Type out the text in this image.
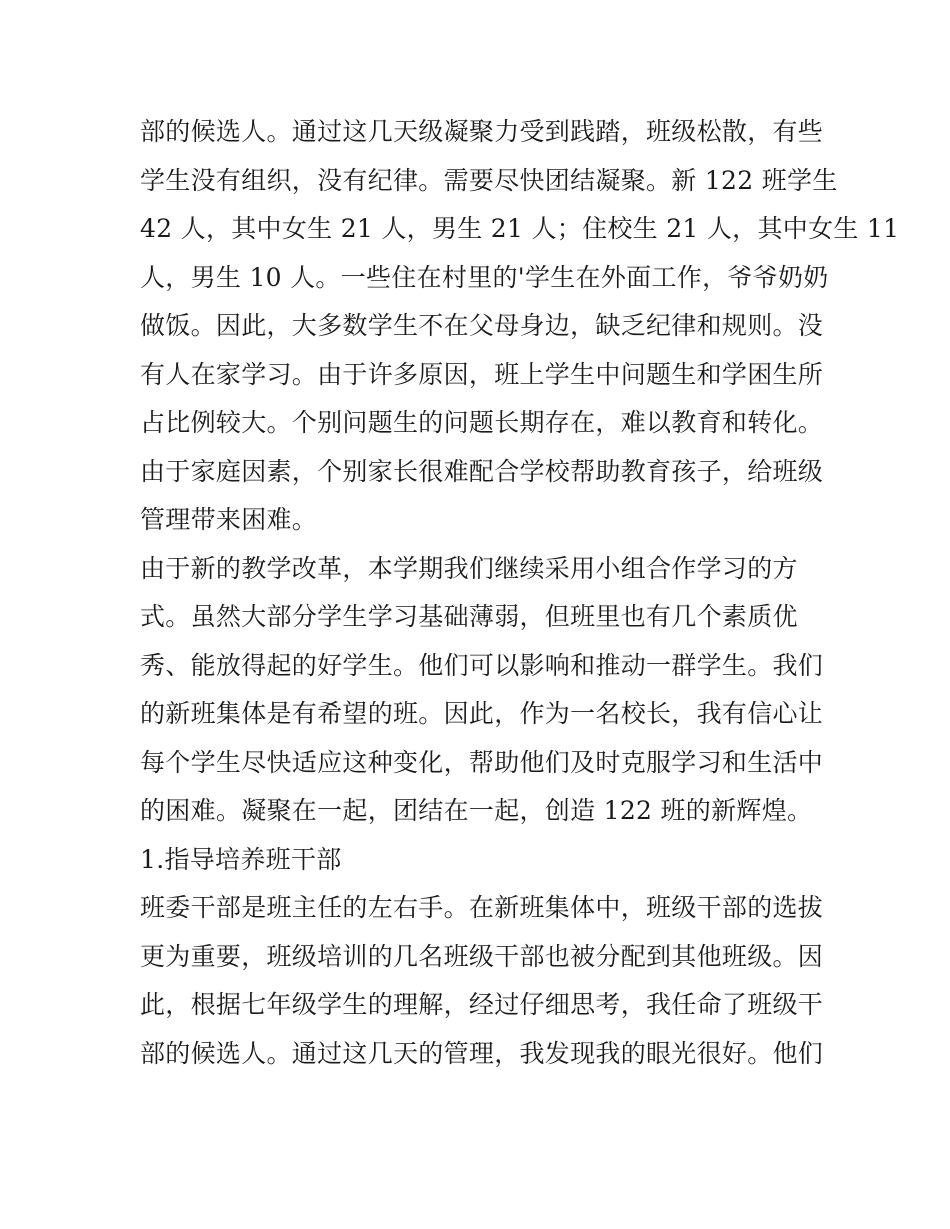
部的候选人。通过这几天级凝聚力受到践踏，班级松散，有些
学生没有组织，没有纪律。需要尽快团结凝聚。新 122 班学生
42 人，其中女生 21 人，男生 21 人；住校生 21 人，其中女生 11
人，男生 10 人。一些住在村里的'学生在外面工作，爷爷奶奶
做饭。因此，大多数学生不在父母身边，缺乏纪律和规则。没
有人在家学习。由于许多原因，班上学生中问题生和学困生所
占比例较大。个别问题生的问题长期存在，难以教育和转化。
由于家庭因素，个别家长很难配合学校帮助教育孩子，给班级
管理带来困难。
由于新的教学改革，本学期我们继续采用小组合作学习的方
式。虽然大部分学生学习基础薄弱，但班里也有几个素质优
秀、能放得起的好学生。他们可以影响和推动一群学生。我们
的新班集体是有希望的班。因此，作为一名校长，我有信心让
每个学生尽快适应这种变化，帮助他们及时克服学习和生活中
的困难。凝聚在一起，团结在一起，创造 122 班的新辉煌。
1.指导培养班干部
班委干部是班主任的左右手。在新班集体中，班级干部的选拔
更为重要，班级培训的几名班级干部也被分配到其他班级。因
此，根据七年级学生的理解，经过仔细思考，我任命了班级干
部的候选人。通过这几天的管理，我发现我的眼光很好。他们
